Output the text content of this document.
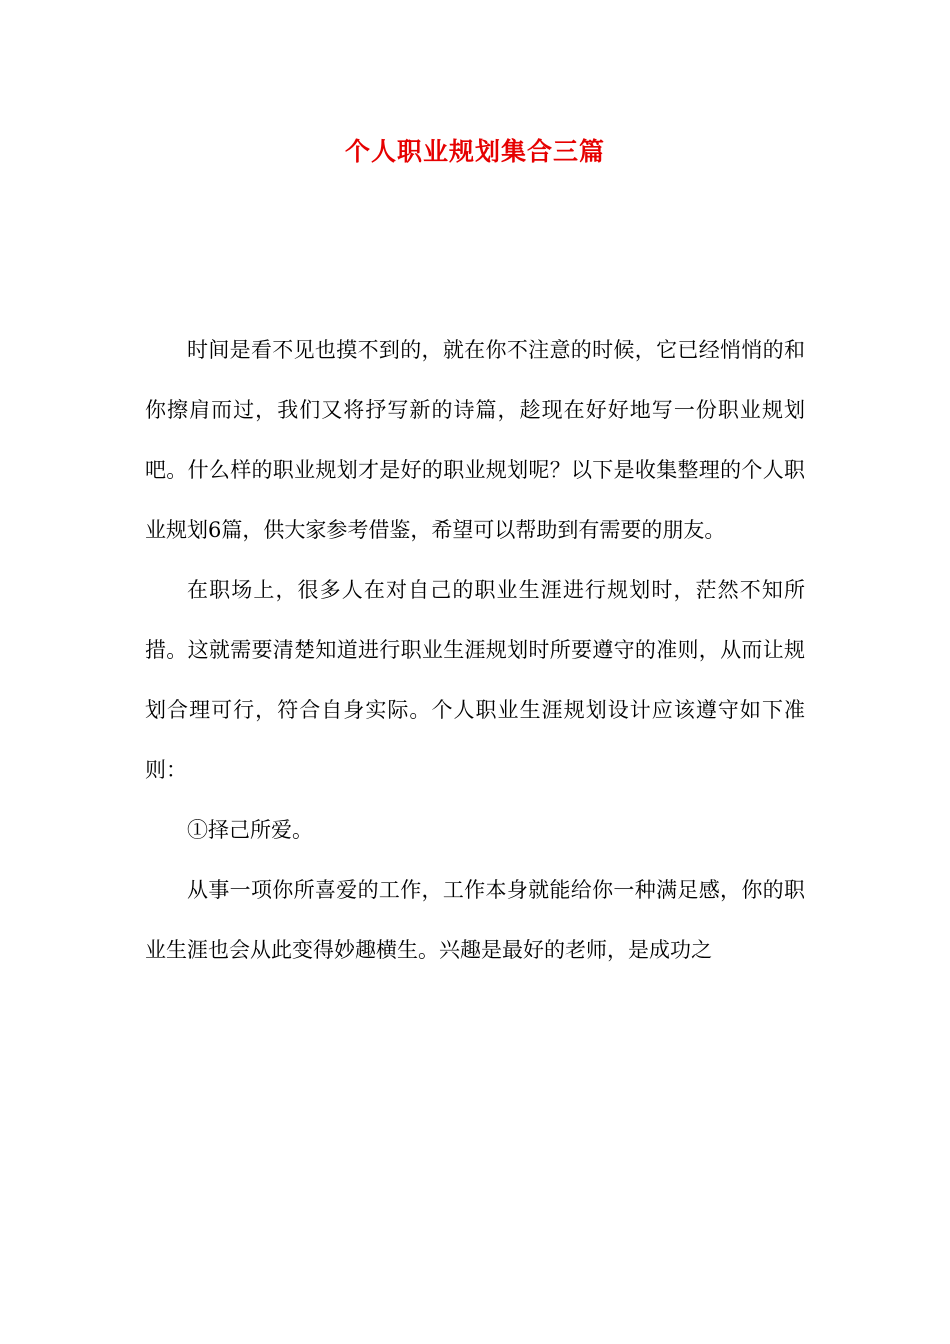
个人职业规划集合三篇

时间是看不见也摸不到的，就在你不注意的时候，它已经悄悄的和你擦肩而过，我们又将抒写新的诗篇，趁现在好好地写一份职业规划吧。什么样的职业规划才是好的职业规划呢？以下是收集整理的个人职业规划6篇，供大家参考借鉴，希望可以帮助到有需要的朋友。

在职场上，很多人在对自己的职业生涯进行规划时，茫然不知所措。这就需要清楚知道进行职业生涯规划时所要遵守的准则，从而让规划合理可行，符合自身实际。个人职业生涯规划设计应该遵守如下准则：

①择己所爱。

从事一项你所喜爱的工作，工作本身就能给你一种满足感，你的职业生涯也会从此变得妙趣横生。兴趣是最好的老师，是成功之
